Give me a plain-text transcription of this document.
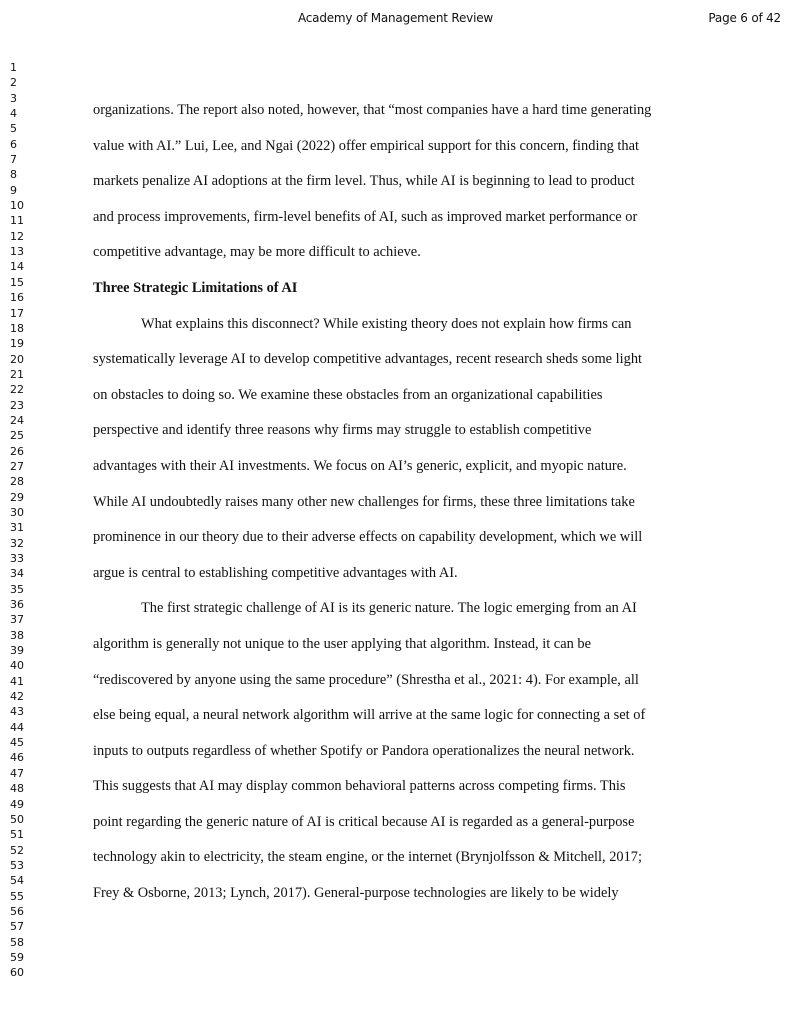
Academy of Management Review	Page 6 of 42
1
2
3
4
5
6
7
8
9
10
11
12
13
14
15
16
17
18
19
20
21
22
23
24
25
26
27
28
29
30
31
32
33
34
35
36
37
38
39
40
41
42
43
44
45
46
47
48
49
50
51
52
53
54
55
56
57
58
59
60

organizations. The report also noted, however, that “most companies have a hard time generating
value with AI.” Lui, Lee, and Ngai (2022) offer empirical support for this concern, finding that
markets penalize AI adoptions at the firm level. Thus, while AI is beginning to lead to product
and process improvements, firm-level benefits of AI, such as improved market performance or
competitive advantage, may be more difficult to achieve.

Three Strategic Limitations of AI

What explains this disconnect? While existing theory does not explain how firms can
systematically leverage AI to develop competitive advantages, recent research sheds some light
on obstacles to doing so. We examine these obstacles from an organizational capabilities
perspective and identify three reasons why firms may struggle to establish competitive
advantages with their AI investments. We focus on AI’s generic, explicit, and myopic nature.
While AI undoubtedly raises many other new challenges for firms, these three limitations take
prominence in our theory due to their adverse effects on capability development, which we will
argue is central to establishing competitive advantages with AI.

The first strategic challenge of AI is its generic nature. The logic emerging from an AI
algorithm is generally not unique to the user applying that algorithm. Instead, it can be
“rediscovered by anyone using the same procedure” (Shrestha et al., 2021: 4). For example, all
else being equal, a neural network algorithm will arrive at the same logic for connecting a set of
inputs to outputs regardless of whether Spotify or Pandora operationalizes the neural network.
This suggests that AI may display common behavioral patterns across competing firms. This
point regarding the generic nature of AI is critical because AI is regarded as a general-purpose
technology akin to electricity, the steam engine, or the internet (Brynjolfsson & Mitchell, 2017;
Frey & Osborne, 2013; Lynch, 2017). General-purpose technologies are likely to be widely
